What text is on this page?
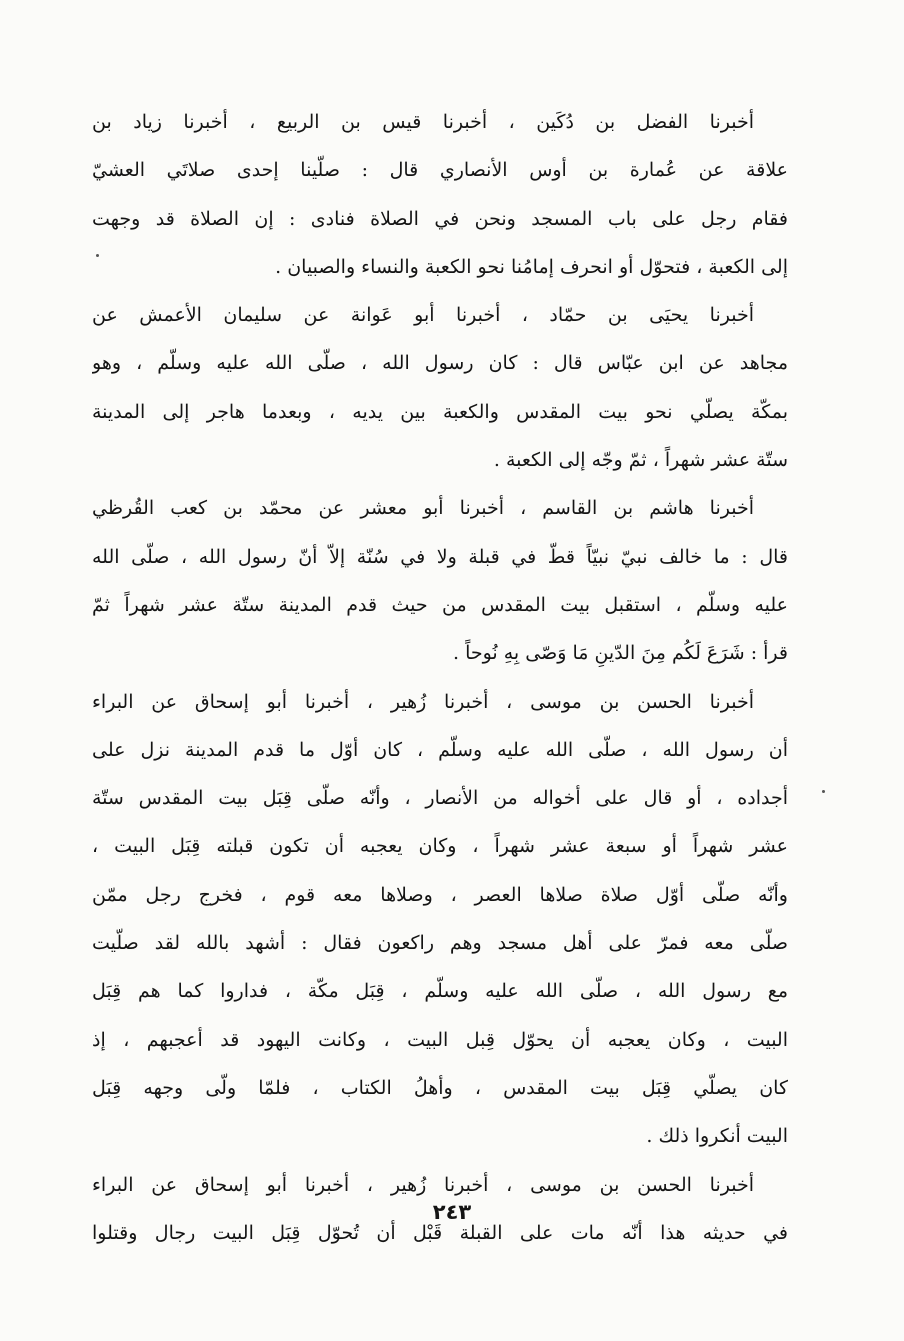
أخبرنا الفضل بن دُكَين ، أخبرنا قيس بن الربيع ، أخبرنا زياد بن
علاقة عن عُمارة بن أوس الأنصاري قال : صلّينا إحدى صلاتَي العشيّ
فقام رجل على باب المسجد ونحن في الصلاة فنادى : إن الصلاة قد وجهت
إلى الكعبة ، فتحوّل أو انحرف إمامُنا نحو الكعبة والنساء والصبيان .
أخبرنا يحيَى بن حمّاد ، أخبرنا أبو عَوانة عن سليمان الأعمش عن
مجاهد عن ابن عبّاس قال : كان رسول الله ، صلّى الله عليه وسلّم ، وهو
بمكّة يصلّي نحو بيت المقدس والكعبة بين يديه ، وبعدما هاجر إلى المدينة
ستّة عشر شهراً ، ثمّ وجّه إلى الكعبة .
أخبرنا هاشم بن القاسم ، أخبرنا أبو معشر عن محمّد بن كعب القُرظي
قال : ما خالف نبيّ نبيّاً قطّ في قبلة ولا في سُنّة إلاّ أنّ رسول الله ، صلّى الله
عليه وسلّم ، استقبل بيت المقدس من حيث قدم المدينة ستّة عشر شهراً ثمّ
قرأ : شَرَعَ لَكُم مِنَ الدّينِ مَا وَصّى بِهِ نُوحاً .
أخبرنا الحسن بن موسى ، أخبرنا زُهير ، أخبرنا أبو إسحاق عن البراء
أن رسول الله ، صلّى الله عليه وسلّم ، كان أوّل ما قدم المدينة نزل على
أجداده ، أو قال على أخواله من الأنصار ، وأنّه صلّى قِبَل بيت المقدس ستّة
عشر شهراً أو سبعة عشر شهراً ، وكان يعجبه أن تكون قبلته قِبَل البيت ،
وأنّه صلّى أوّل صلاة صلاها العصر ، وصلاها معه قوم ، فخرج رجل ممّن
صلّى معه فمرّ على أهل مسجد وهم راكعون فقال : أشهد بالله لقد صلّيت
مع رسول الله ، صلّى الله عليه وسلّم ، قِبَل مكّة ، فداروا كما هم قِبَل
البيت ، وكان يعجبه أن يحوّل قِبل البيت ، وكانت اليهود قد أعجبهم ، إذ
كان يصلّي قِبَل بيت المقدس ، وأهلُ الكتاب ، فلمّا ولّى وجهه قِبَل
البيت أنكروا ذلك .
أخبرنا الحسن بن موسى ، أخبرنا زُهير ، أخبرنا أبو إسحاق عن البراء
في حديثه هذا أنّه مات على القبلة قَبْل أن تُحوّل قِبَل البيت رجال وقتلوا
٢٤٣
